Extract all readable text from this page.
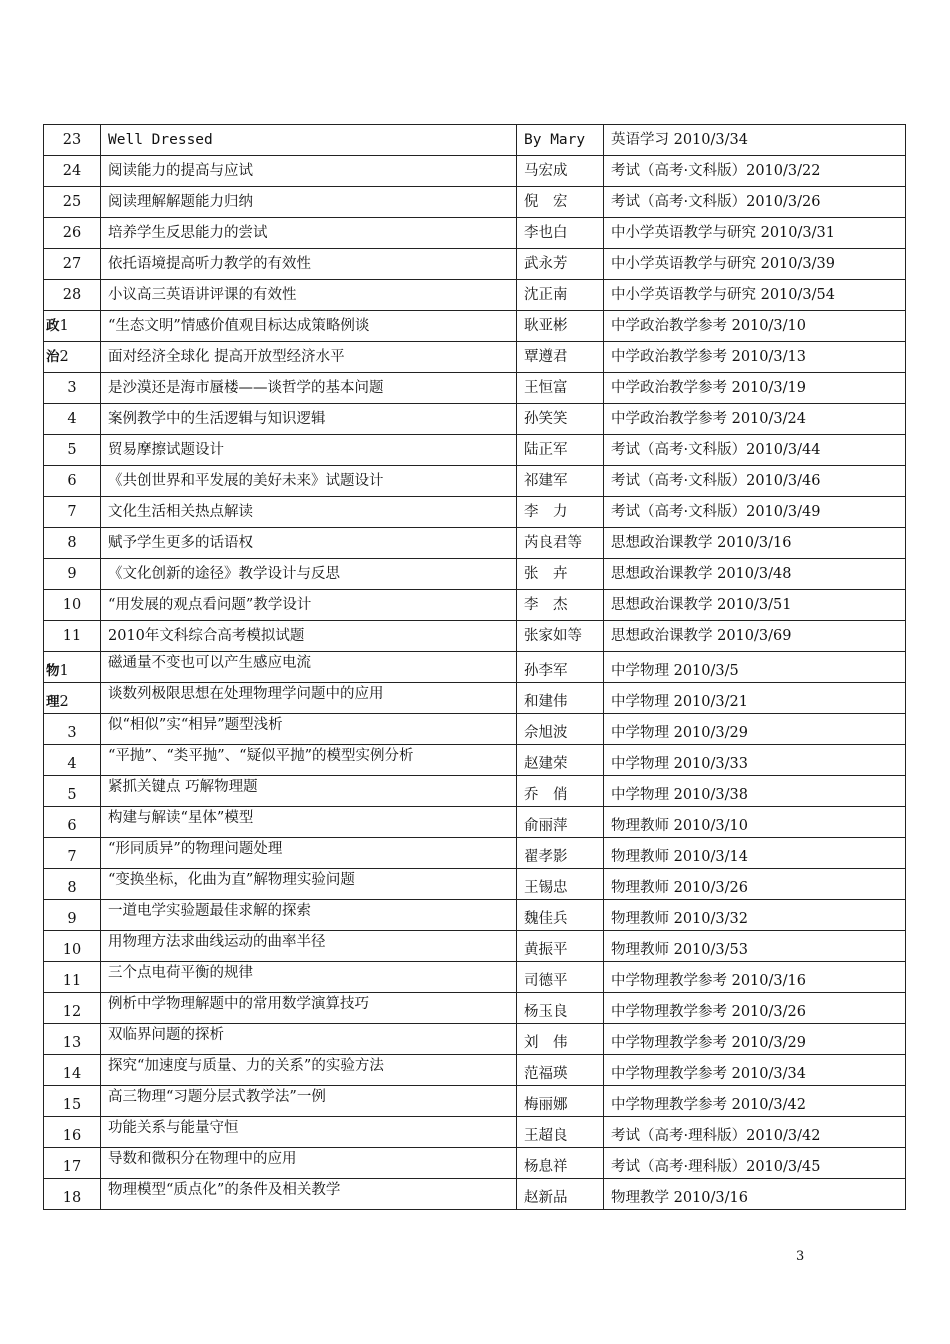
23	Well Dressed	By Mary	英语学习 2010/3/34
24	阅读能力的提高与应试	马宏成	考试（高考·文科版）2010/3/22
25	阅读理解解题能力归纳	倪　宏	考试（高考·文科版）2010/3/26
26	培养学生反思能力的尝试	李也白	中小学英语教学与研究 2010/3/31
27	依托语境提高听力教学的有效性	武永芳	中小学英语教学与研究 2010/3/39
28	小议高三英语讲评课的有效性	沈正南	中小学英语教学与研究 2010/3/54
政1	“生态文明”情感价值观目标达成策略例谈	耿亚彬	中学政治教学参考 2010/3/10
治2	面对经济全球化 提高开放型经济水平	覃遵君	中学政治教学参考 2010/3/13
3	是沙漠还是海市蜃楼——谈哲学的基本问题	王恒富	中学政治教学参考 2010/3/19
4	案例教学中的生活逻辑与知识逻辑	孙笑笑	中学政治教学参考 2010/3/24
5	贸易摩擦试题设计	陆正军	考试（高考·文科版）2010/3/44
6	《共创世界和平发展的美好未来》试题设计	祁建军	考试（高考·文科版）2010/3/46
7	文化生活相关热点解读	李　力	考试（高考·文科版）2010/3/49
8	赋予学生更多的话语权	芮良君等	思想政治课教学 2010/3/16
9	《文化创新的途径》教学设计与反思	张　卉	思想政治课教学 2010/3/48
10	“用发展的观点看问题”教学设计	李　杰	思想政治课教学 2010/3/51
11	2010年文科综合高考模拟试题	张家如等	思想政治课教学 2010/3/69
物1	磁通量不变也可以产生感应电流	孙李军	中学物理 2010/3/5
理2	谈数列极限思想在处理物理学问题中的应用	和建伟	中学物理 2010/3/21
3	似“相似”实“相异”题型浅析	佘旭波	中学物理 2010/3/29
4	“平抛”、“类平抛”、“疑似平抛”的模型实例分析	赵建荣	中学物理 2010/3/33
5	紧抓关键点 巧解物理题	乔　俏	中学物理 2010/3/38
6	构建与解读“星体”模型	俞丽萍	物理教师 2010/3/10
7	“形同质异”的物理问题处理	翟孝影	物理教师 2010/3/14
8	“变换坐标，化曲为直”解物理实验问题	王锡忠	物理教师 2010/3/26
9	一道电学实验题最佳求解的探索	魏佳兵	物理教师 2010/3/32
10	用物理方法求曲线运动的曲率半径	黄振平	物理教师 2010/3/53
11	三个点电荷平衡的规律	司德平	中学物理教学参考 2010/3/16
12	例析中学物理解题中的常用数学演算技巧	杨玉良	中学物理教学参考 2010/3/26
13	双临界问题的探析	刘　伟	中学物理教学参考 2010/3/29
14	探究“加速度与质量、力的关系”的实验方法	范福瑛	中学物理教学参考 2010/3/34
15	高三物理“习题分层式教学法”一例	梅丽娜	中学物理教学参考 2010/3/42
16	功能关系与能量守恒	王超良	考试（高考·理科版）2010/3/42
17	导数和微积分在物理中的应用	杨息祥	考试（高考·理科版）2010/3/45
18	物理模型“质点化”的条件及相关教学	赵新品	物理教学 2010/3/16
3
